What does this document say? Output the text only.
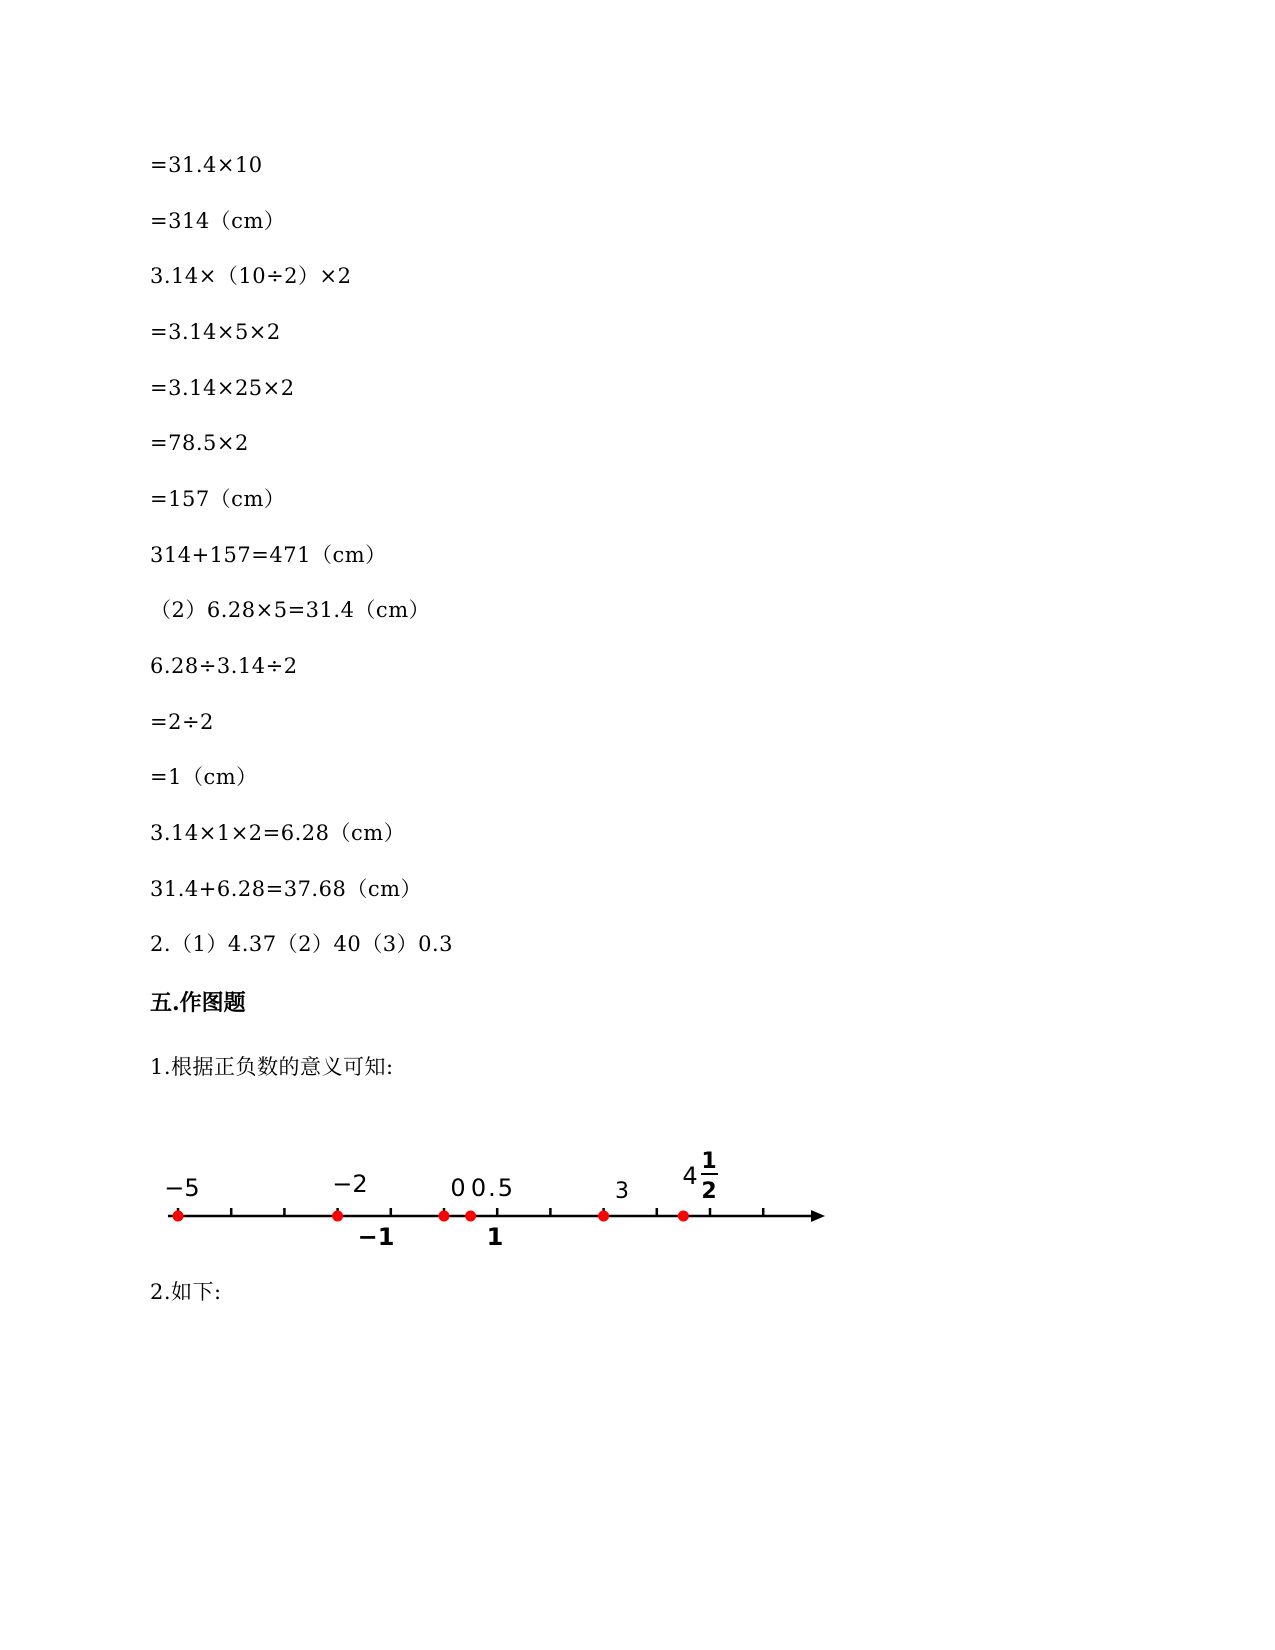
=31.4×10
=314（cm）
3.14×（10÷2）×2
=3.14×5×2
=3.14×25×2
=78.5×2
=157（cm）
314+157=471（cm）
（2）6.28×5=31.4（cm）
6.28÷3.14÷2
=2÷2
=1（cm）
3.14×1×2=6.28（cm）
31.4+6.28=37.68（cm）
2.（1）4.37（2）40（3）0.3
五.作图题
1.根据正负数的意义可知:
−5	−2	0 0.5	3
4
1
2
−1	1
2.如下:
